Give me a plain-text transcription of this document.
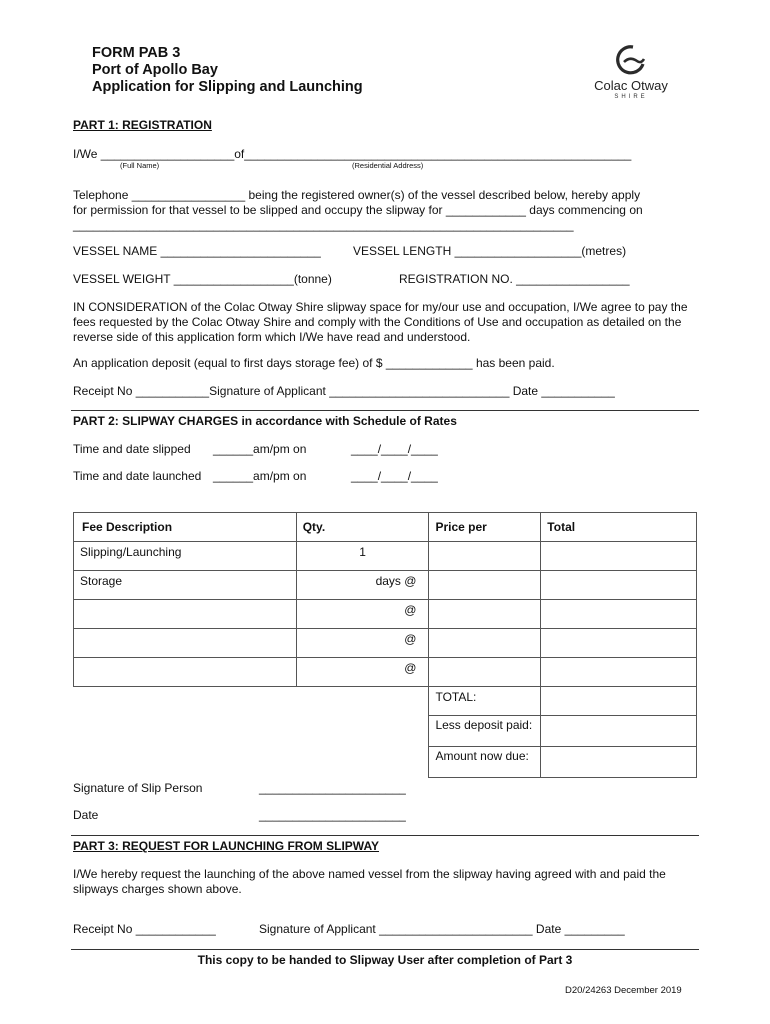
FORM PAB 3
Port of Apollo Bay
Application for Slipping and Launching	Colac Otway
SHIRE
PART 1: REGISTRATION
I/We ____________________of__________________________________________________________
(Full Name)	(Residential Address)
Telephone _________________ being the registered owner(s) of the vessel described below, hereby apply
for permission for that vessel to be slipped and occupy the slipway for ____________ days commencing on
___________________________________________________________________________
VESSEL NAME ________________________	VESSEL LENGTH ___________________(metres)
VESSEL WEIGHT __________________(tonne)	REGISTRATION NO. _________________
IN CONSIDERATION of the Colac Otway Shire slipway space for my/our use and occupation, I/We agree to pay the fees requested by the Colac Otway Shire and comply with the Conditions of Use and occupation as detailed on the reverse side of this application form which I/We have read and understood.
An application deposit (equal to first days storage fee) of $ _____________ has been paid.
Receipt No ___________Signature of Applicant ___________________________ Date ___________
PART 2: SLIPWAY CHARGES in accordance with Schedule of Rates
Time and date slipped ______am/pm on	____/____/____
Time and date launched ______am/pm on	____/____/____
Fee Description	Qty.	Price per	Total
Slipping/Launching	1		
Storage	days @		
	@		
	@		
	@		
		TOTAL:	
		Less deposit paid:	
		Amount now due:	
Signature of Slip Person	______________________
Date	______________________
PART 3: REQUEST FOR LAUNCHING FROM SLIPWAY
I/We hereby request the launching of the above named vessel from the slipway having agreed with and paid the slipways charges shown above.
Receipt No ____________	Signature of Applicant _______________________ Date _________
This copy to be handed to Slipway User after completion of Part 3
D20/24263 December 2019
